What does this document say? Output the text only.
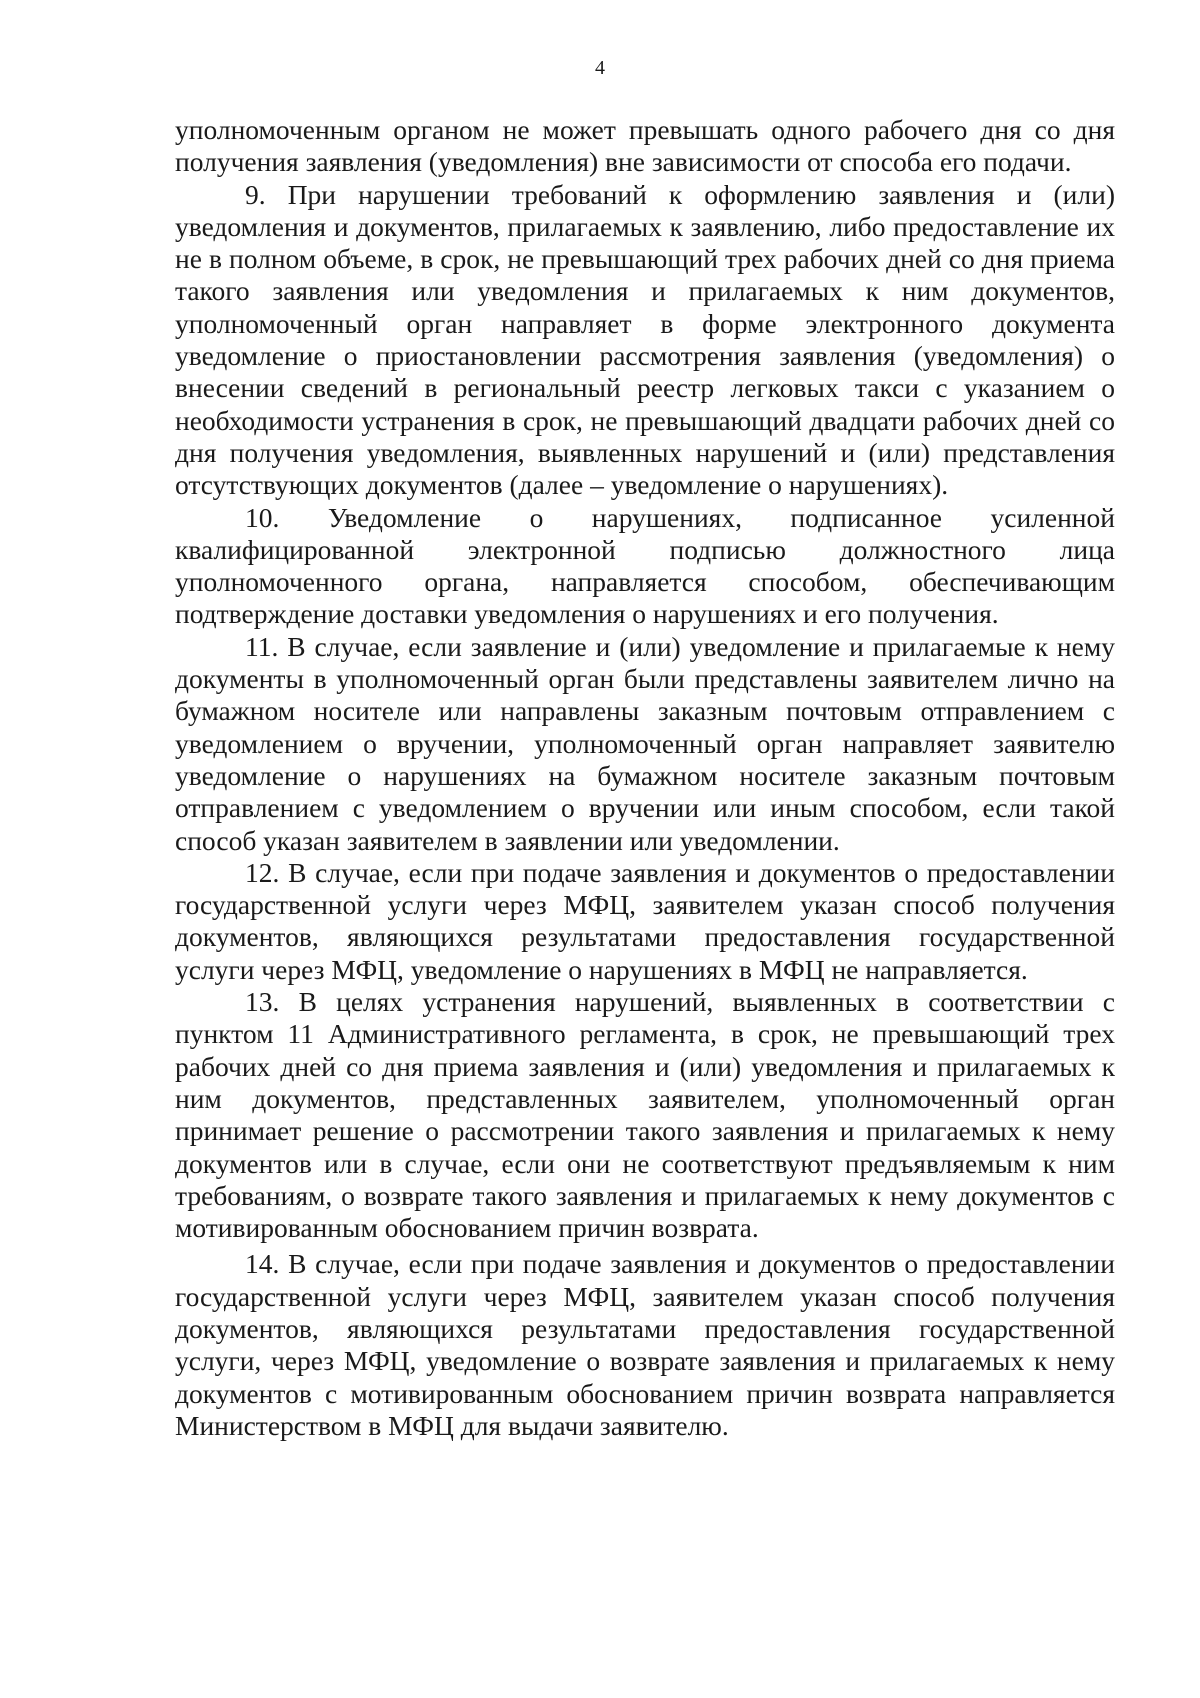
4

уполномоченным органом не может превышать одного рабочего дня со дня получения заявления (уведомления) вне зависимости от способа его подачи.

9. При нарушении требований к оформлению заявления и (или) уведомления и документов, прилагаемых к заявлению, либо предоставление их не в полном объеме, в срок, не превышающий трех рабочих дней со дня приема такого заявления или уведомления и прилагаемых к ним документов, уполномоченный орган направляет в форме электронного документа уведомление о приостановлении рассмотрения заявления (уведомления) о внесении сведений в региональный реестр легковых такси с указанием о необходимости устранения в срок, не превышающий двадцати рабочих дней со дня получения уведомления, выявленных нарушений и (или) представления отсутствующих документов (далее – уведомление о нарушениях).

10. Уведомление о нарушениях, подписанное усиленной квалифицированной электронной подписью должностного лица уполномоченного органа, направляется способом, обеспечивающим подтверждение доставки уведомления о нарушениях и его получения.

11. В случае, если заявление и (или) уведомление и прилагаемые к нему документы в уполномоченный орган были представлены заявителем лично на бумажном носителе или направлены заказным почтовым отправлением с уведомлением о вручении, уполномоченный орган направляет заявителю уведомление о нарушениях на бумажном носителе заказным почтовым отправлением с уведомлением о вручении или иным способом, если такой способ указан заявителем в заявлении или уведомлении.

12. В случае, если при подаче заявления и документов о предоставлении государственной услуги через МФЦ, заявителем указан способ получения документов, являющихся результатами предоставления государственной услуги через МФЦ, уведомление о нарушениях в МФЦ не направляется.

13. В целях устранения нарушений, выявленных в соответствии с пунктом 11 Административного регламента, в срок, не превышающий трех рабочих дней со дня приема заявления и (или) уведомления и прилагаемых к ним документов, представленных заявителем, уполномоченный орган принимает решение о рассмотрении такого заявления и прилагаемых к нему документов или в случае, если они не соответствуют предъявляемым к ним требованиям, о возврате такого заявления и прилагаемых к нему документов с мотивированным обоснованием причин возврата.

14. В случае, если при подаче заявления и документов о предоставлении государственной услуги через МФЦ, заявителем указан способ получения документов, являющихся результатами предоставления государственной услуги, через МФЦ, уведомление о возврате заявления и прилагаемых к нему документов с мотивированным обоснованием причин возврата направляется Министерством в МФЦ для выдачи заявителю.
